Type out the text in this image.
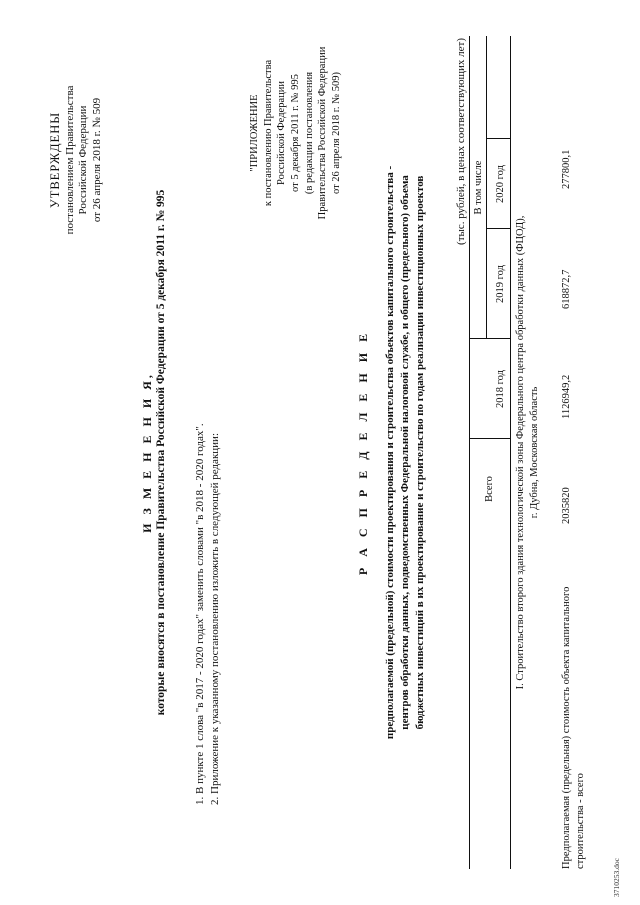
УТВЕРЖДЕНЫ постановлением Правительства Российской Федерации от 26 апреля 2018 г. № 509
И З М Е Н Е Н И Я, которые вносятся в постановление Правительства Российской Федерации от 5 декабря 2011 г. № 995 1. В пункте 1 слова "в 2017 - 2020 годах" заменить словами "в 2018 - 2020 годах". 2. Приложение к указанному постановлению изложить в следующей редакции:
"ПРИЛОЖЕНИЕ к постановлению Правительства Российской Федерации от 5 декабря 2011 г. № 995 (в редакции постановления Правительства Российской Федерации от 26 апреля 2018 г. № 509)
Р А С П Р Е Д Е Л Е Н И Е предполагаемой (предельной) стоимости проектирования и строительства объектов капитального строительства - центров обработки данных, подведомственных Федеральной налоговой службе, и общего (предельного) объема бюджетных инвестиций в их проектирование и строительство по годам реализации инвестиционных проектов
(тыс. рублей, в ценах соответствующих лет)
Всего
2018 год
В том числе
2019 год
2020 год
I. Строительство второго здания технологической зоны Федерального центра обработки данных (ФЦОД), г. Дубна, Московская область
Предполагаемая (предельная) стоимость объекта капитального строительства - всего
2035820
1126949,2
618872,7
277800,1
3710253.doc
